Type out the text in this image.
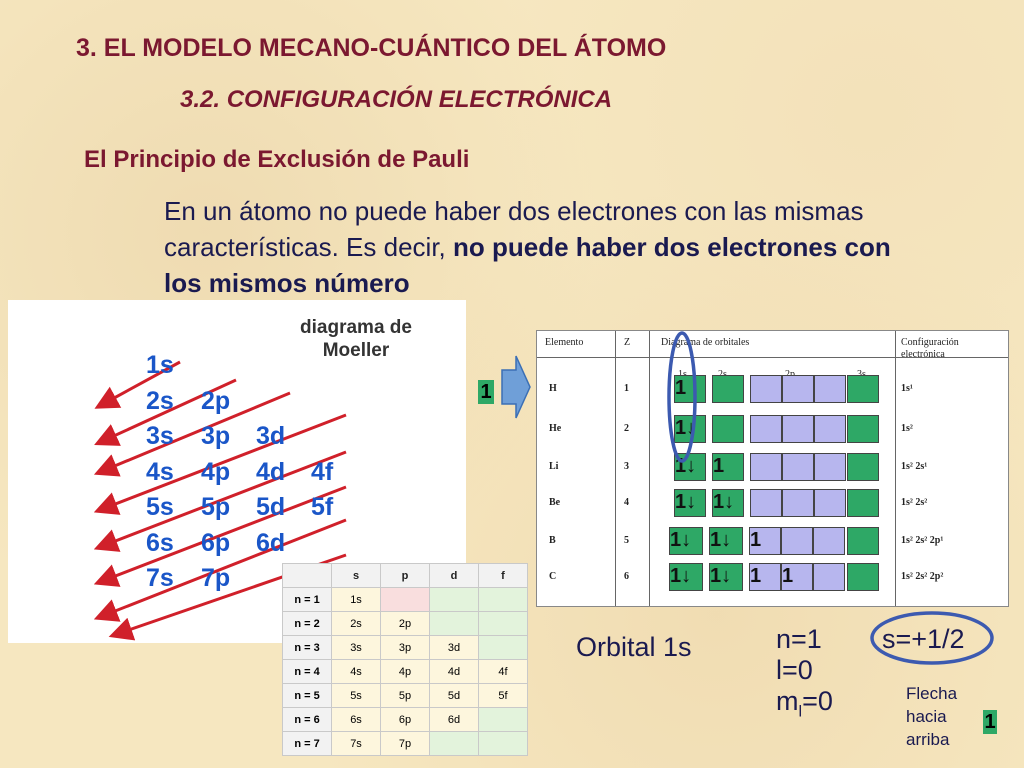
3. EL MODELO MECANO-CUÁNTICO DEL ÁTOMO
3.2. CONFIGURACIÓN ELECTRÓNICA
El Principio de Exclusión de Pauli
En un átomo no puede haber dos electrones con las mismas características. Es decir, no puede haber dos electrones con los mismos número
diagrama de
Moeller
1s
2s 2p
3s 3p 3d
4s 4p 4d 4f
5s 5p 5d 5f
6s 6p 6d
7s 7p
		s	p	d	f
n = 1	1s			
n = 2	2s	2p		
n = 3	3s	3p	3d	
n = 4	4s	4p	4d	4f
n = 5	5s	5p	5d	5f
n = 6	6s	6p	6d	
n = 7	7s	7p		
1
Elemento	Z	Diagrama de orbitales	Configuración
electrónica
H	1	1	1s¹
He	2	1↓	1s²
Li	3	1↓ 1	1s² 2s¹
Be	4	1↓ 1↓	1s² 2s²
B	5	1↓ 1↓ 1	1s² 2s² 2p¹
C	6	1↓ 1↓ 1	1	1s² 2s² 2p²
Orbital 1s	n=1
l=0
$m_l=0$
s=+1/2
Flecha
hacia
arriba
1
